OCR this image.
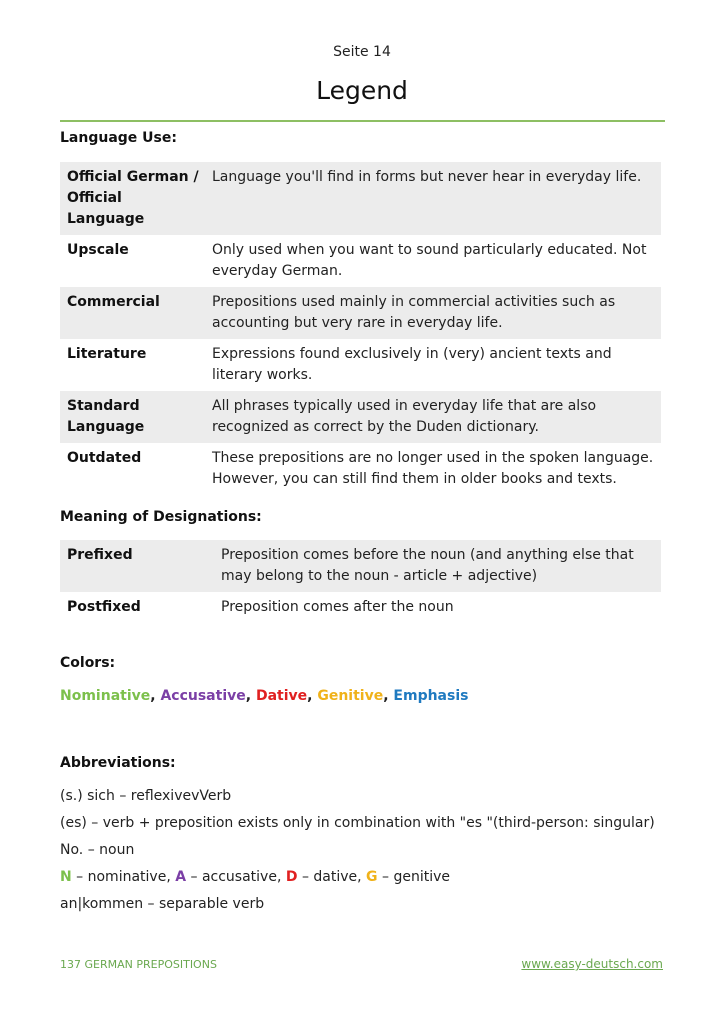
Seite 14
Legend
Language Use:
Official German / Official Language	Language you'll find in forms but never hear in everyday life.
Upscale	Only used when you want to sound particularly educated. Not everyday German.
Commercial	Prepositions used mainly in commercial activities such as accounting but very rare in everyday life.
Literature	Expressions found exclusively in (very) ancient texts and literary works.
Standard Language	All phrases typically used in everyday life that are also recognized as correct by the Duden dictionary.
Outdated	These prepositions are no longer used in the spoken language. However, you can still find them in older books and texts.
Meaning of Designations:
Prefixed	Preposition comes before the noun (and anything else that may belong to the noun - article + adjective)
Postfixed	Preposition comes after the noun
Colors:
Nominative, Accusative, Dative, Genitive, Emphasis
Abbreviations:
(s.) sich – reflexivevVerb
(es) – verb + preposition exists only in combination with "es "(third-person: singular)
No. – noun
N – nominative, A – accusative, D – dative, G – genitive
an|kommen – separable verb
137 GERMAN PREPOSITIONS	www.easy-deutsch.com
